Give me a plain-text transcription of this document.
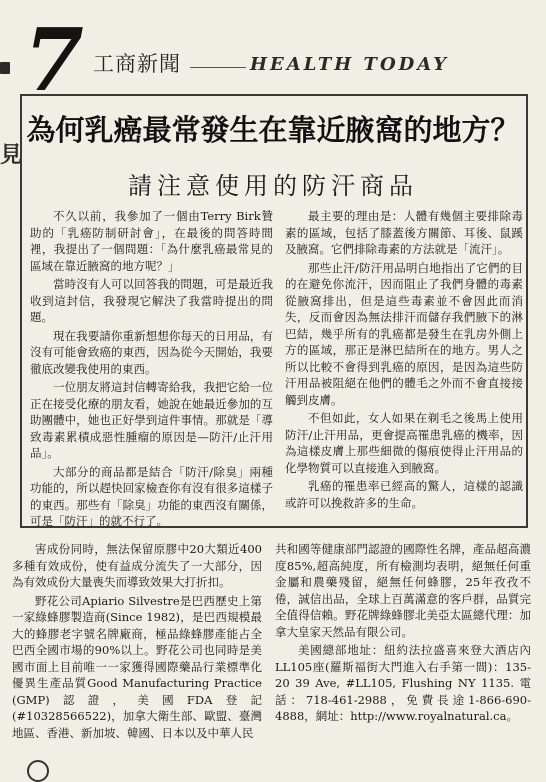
見
7 工商新聞	HEALTH TODAY
為何乳癌最常發生在靠近腋窩的地方？
請注意使用的防汗商品

不久以前，我參加了一個由Terry Birk贊助的「乳癌防制研討會」，在最後的問答時間裡，我提出了一個問題：「為什麼乳癌最常見的區域在靠近腋窩的地方呢？」

當時沒有人可以回答我的問題，可是最近我收到這封信，我發現它解決了我當時提出的問題。

現在我要請你重新想想你每天的日用品，有沒有可能會致癌的東西，因為從今天開始，我要徹底改變我使用的東西。

一位朋友將這封信轉寄給我，我把它給一位正在接受化療的朋友看，她說在她最近參加的互助團體中，她也正好學到這件事情。那就是「導致毒素累積成惡性腫瘤的原因是—防汗/止汗用品」。

大部分的商品都是結合「防汗/除臭」兩種功能的，所以趕快回家檢查你有沒有很多這樣子的東西。那些有「除臭」功能的東西沒有關係，可是「防汗」的就不行了。

最主要的理由是：人體有幾個主要排除毒素的區域，包括了膝蓋後方關節、耳後、鼠蹊及腋窩。它們排除毒素的方法就是「流汗」。

那些止汗/防汗用品明白地指出了它們的目的在避免你流汗，因而阻止了我們身體的毒素從腋窩排出，但是這些毒素並不會因此而消失，反而會因為無法排汗而儲存我們腋下的淋巴結，幾乎所有的乳癌都是發生在乳房外側上方的區域，那正是淋巴結所在的地方。男人之所以比較不會得到乳癌的原因，是因為這些防汗用品被阻絕在他們的體毛之外而不會直接接觸到皮膚。

不但如此，女人如果在剃毛之後馬上使用防汗/止汗用品，更會提高罹患乳癌的機率，因為這樣皮膚上那些細微的傷痕使得止汗用品的化學物質可以直接進入到腋窩。

乳癌的罹患率已經高的驚人，這樣的認識或許可以挽救許多的生命。

害成份同時，無法保留原膠中20大類近400多種有效成份，使有益成分流失了一大部分，因為有效成份大量喪失而導致效果大打折扣。

野花公司Apiario Silvestre是巴西歷史上第一家綠蜂膠製造商(Since 1982)，是巴西規模最大的蜂膠老字號名牌廠商，極品綠蜂膠產能占全巴西全國市場的90%以上。野花公司也同時是美國市面上目前唯一一家獲得國際藥品行業標準化優異生產品質Good Manufacturing Practice (GMP)認證，美國FDA登記(#10328566522)，加拿大衛生部、歐盟、臺灣地區、香港、新加坡、韓國、日本以及中華人民

共和國等健康部門認證的國際性名牌，產品超高濃度85%,超高純度，所有檢測均表明，絕無任何重金屬和農藥殘留，絕無任何蜂膠，25年孜孜不倦，誠信出品，全球上百萬滿意的客戶群，品質完全值得信賴。野花牌綠蜂膠北美亞太區總代理：加拿大皇家天然品有限公司。

美國總部地址：紐約法拉盛喜來登大酒店內LL105座(羅斯福街大門進入右手第一間)：135-20 39 Ave, #LL105, Flushing NY 1135. 電話：718-461-2988，免費長途1-866-690-4888，網址：http://www.royalnatural.ca。
